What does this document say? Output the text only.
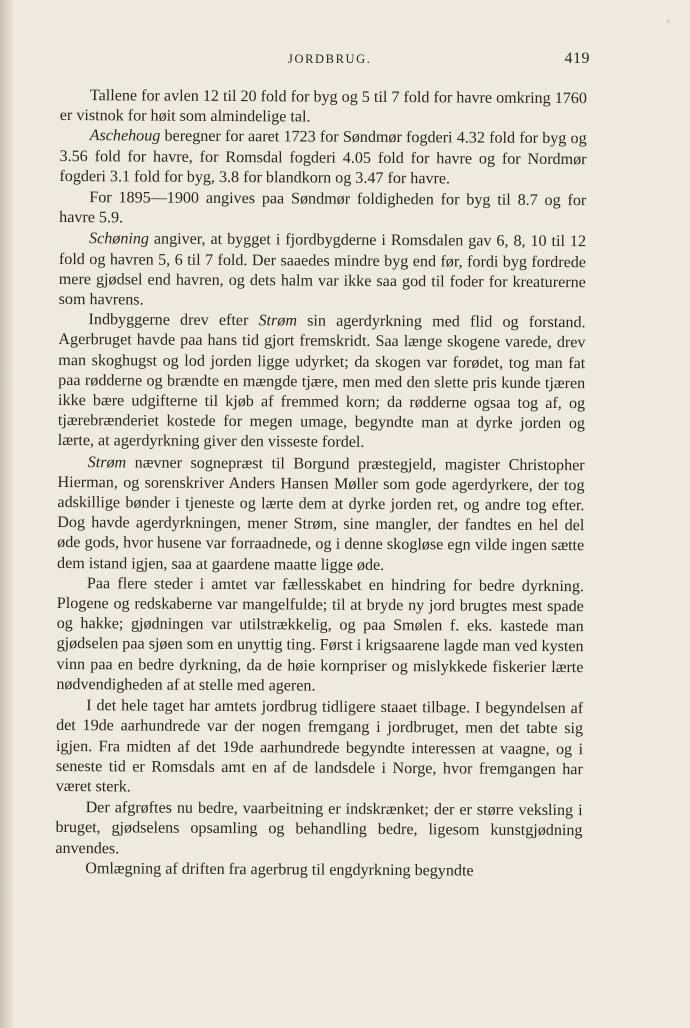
°
JORDBRUG.	419

Tallene for avlen 12 til 20 fold for byg og 5 til 7 fold for havre omkring 1760 er vistnok for høit som almindelige tal.

Aschehoug beregner for aaret 1723 for Søndmør fogderi 4.32 fold for byg og 3.56 fold for havre, for Romsdal fogderi 4.05 fold for havre og for Nordmør fogderi 3.1 fold for byg, 3.8 for blandkorn og 3.47 for havre.

For 1895—1900 angives paa Søndmør foldigheden for byg til 8.7 og for havre 5.9.

Schøning angiver, at bygget i fjordbygderne i Romsdalen gav 6, 8, 10 til 12 fold og havren 5, 6 til 7 fold. Der saaedes mindre byg end før, fordi byg fordrede mere gjødsel end havren, og dets halm var ikke saa god til foder for kreaturerne som havrens.

Indbyggerne drev efter Strøm sin agerdyrkning med flid og forstand. Agerbruget havde paa hans tid gjort fremskridt. Saa længe skogene varede, drev man skoghugst og lod jorden ligge udyrket; da skogen var forødet, tog man fat paa rødderne og brændte en mængde tjære, men med den slette pris kunde tjæren ikke bære udgifterne til kjøb af fremmed korn; da rødderne ogsaa tog af, og tjærebrænderiet kostede for megen umage, begyndte man at dyrke jorden og lærte, at agerdyrkning giver den visseste fordel.

Strøm nævner sognepræst til Borgund præstegjeld, magister Christopher Hierman, og sorenskriver Anders Hansen Møller som gode agerdyrkere, der tog adskillige bønder i tjeneste og lærte dem at dyrke jorden ret, og andre tog efter. Dog havde agerdyrkningen, mener Strøm, sine mangler, der fandtes en hel del øde gods, hvor husene var forraadnede, og i denne skogløse egn vilde ingen sætte dem istand igjen, saa at gaardene maatte ligge øde.

Paa flere steder i amtet var fællesskabet en hindring for bedre dyrkning. Plogene og redskaberne var mangelfulde; til at bryde ny jord brugtes mest spade og hakke; gjødningen var utilstrækkelig, og paa Smølen f. eks. kastede man gjødselen paa sjøen som en unyttig ting. Først i krigsaarene lagde man ved kysten vinn paa en bedre dyrkning, da de høie kornpriser og mislykkede fiskerier lærte nødvendigheden af at stelle med ageren.

I det hele taget har amtets jordbrug tidligere staaet tilbage. I begyndelsen af det 19de aarhundrede var der nogen fremgang i jordbruget, men det tabte sig igjen. Fra midten af det 19de aarhundrede begyndte interessen at vaagne, og i seneste tid er Romsdals amt en af de landsdele i Norge, hvor fremgangen har været sterk.

Der afgrøftes nu bedre, vaarbeitning er indskrænket; der er større veksling i bruget, gjødselens opsamling og behandling bedre, ligesom kunstgjødning anvendes.

Omlægning af driften fra agerbrug til engdyrkning begyndte
